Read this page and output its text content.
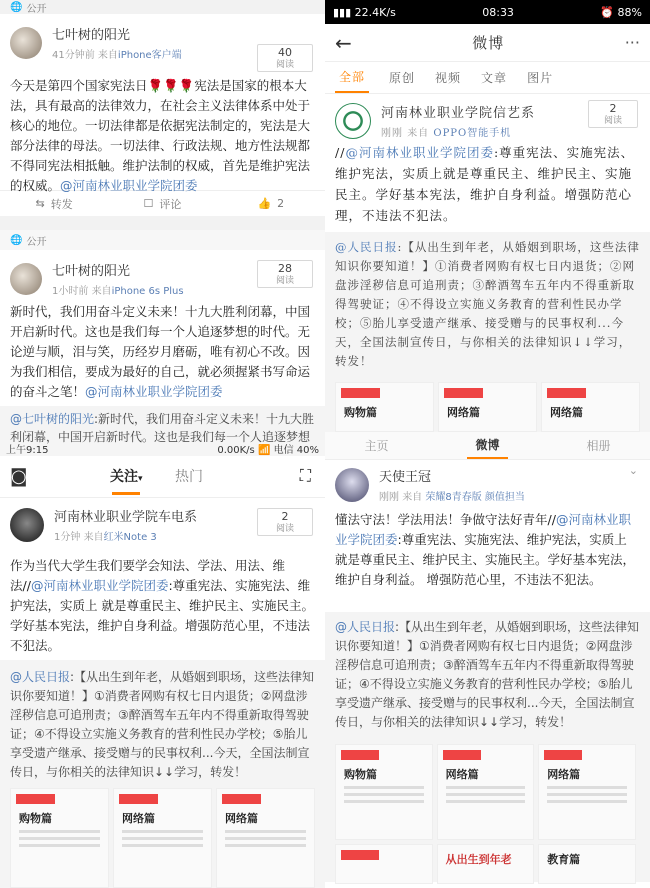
🌐 公开
七叶树的阳光
41分钟前 来自iPhone客户端	40
阅读
今天是第四个国家宪法日🌹🌹🌹宪法是国家的根本大法，具有最高的法律效力，在社会主义法律体系中处于核心的地位。一切法律都是依据宪法制定的，宪法是大部分法律的母法。一切法律、行政法规、地方性法规都不得同宪法相抵触。维护法制的权威，首先是维护宪法的权威。@河南林业职业学院团委
⇆ 转发	☐ 评论	👍 2
🌐 公开
七叶树的阳光
1小时前 来自iPhone 6s Plus
28
阅读
新时代，我们用奋斗定义未来！十九大胜利闭幕，中国开启新时代。这也是我们每一个人追逐梦想的时代。无论逆与顺，泪与笑，历经岁月磨砺，唯有初心不改。因为我们相信，要成为最好的自己，就必须握紧书写命运的奋斗之笔！@河南林业职业学院团委
@七叶树的阳光:新时代，我们用奋斗定义未来！十九大胜利闭幕，中国开启新时代。这也是我们每一个人追逐梦想
上午9:15	0.00K/s 📶 电信 40%
◙	关注▾ 热门	⛶
河南林业职业学院车电系
1分钟 来自红米Note 3
2
阅读
作为当代大学生我们要学会知法、学法、用法、维法//@河南林业职业学院团委:尊重宪法、实施宪法、维护宪法，实质上 就是尊重民主、维护民主、实施民主。学好基本宪法，维护自身利益。增强防范心里，不违法不犯法。
@人民日报:【从出生到年老，从婚姻到职场，这些法律知识你要知道！】①消费者网购有权七日内退货；②网盘涉淫秽信息可追刑责；③醉酒驾车五年内不得重新取得驾驶证；④不得设立实施义务教育的营利性民办学校；⑤胎儿享受遗产继承、接受赠与的民事权利...今天，全国法制宣传日，与你相关的法律知识↓↓学习，转发！
购物篇	网络篇	网络篇
▮▮▮ 22.4K/s	08:33	⏰ 88%
←	微博	···
全部	原创 视频 文章 图片
河南林业职业学院信艺系
刚刚 来自 OPPO智能手机
2
阅读
//@河南林业职业学院团委:尊重宪法、实施宪法、维护宪法，实质上就是尊重民主、维护民主、实施民主。学好基本宪法，维护自身利益。增强防范心理，不违法不犯法。
@人民日报:【从出生到年老，从婚姻到职场，这些法律知识你要知道！】①消费者网购有权七日内退货；②网盘涉淫秽信息可追刑责；③醉酒驾车五年内不得重新取得驾驶证；④不得设立实施义务教育的营利性民办学校；⑤胎儿享受遗产继承、接受赠与的民事权利...今天，全国法制宣传日，与你相关的法律知识↓↓学习，转发！
购物篇	网络篇	网络篇
主页	微博	相册
天使王冠
刚刚 来自 荣耀8青春版 颜值担当
⌄
懂法守法！学法用法！争做守法好青年//@河南林业职业学院团委:尊重宪法、实施宪法、维护宪法，实质上 就是尊重民主、维护民主、实施民主。学好基本宪法，维护自身利益。 增强防范心里，不违法不犯法。
@人民日报:【从出生到年老，从婚姻到职场，这些法律知识你要知道！】①消费者网购有权七日内退货；②网盘涉淫秽信息可追刑责；③醉酒驾车五年内不得重新取得驾驶证；④不得设立实施义务教育的营利性民办学校；⑤胎儿享受遗产继承、接受赠与的民事权利...今天，全国法制宣传日，与你相关的法律知识↓↓学习，转发！
购物篇	网络篇	网络篇
从出生到年老	教育篇
